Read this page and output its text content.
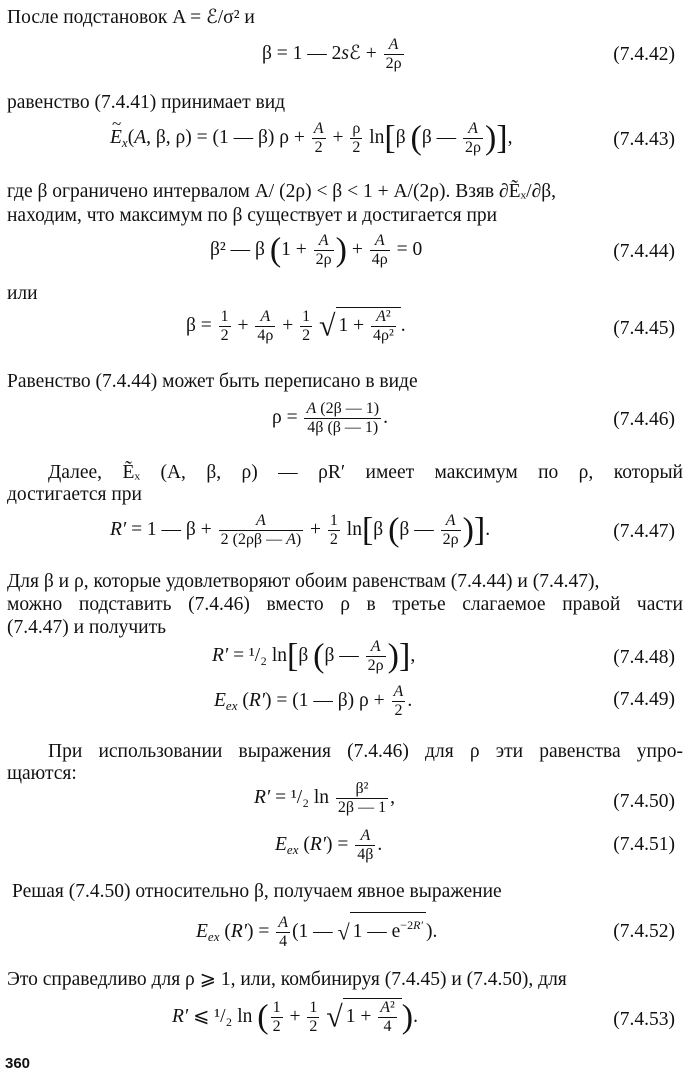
После подстановок A = ℰ/σ² и
β = 1 — 2sℰ + $\frac{A}{2\rho}$	(7.4.42)
равенство (7.4.41) принимает вид
~ $E_x(A$, β, ρ) = (1 — β) $\rho + \frac{A}{2} + \frac{\rho}{2} \ln[\beta$ (β — $\frac{A}{2\rho}$ )],	(7.4.43)
где β ограничено интервалом A/ (2ρ) < β < 1 + A/(2ρ). Взяв ∂Ẽₓ/∂β,
находим, что максимум по β существует и достигается при
β² — β ($1 + \frac{A}{2\rho}$ ) + $\frac{A}{4\rho} = 0$	(7.4.44)
или
$\beta = \frac{1}{2} + \frac{A}{4\rho} + \frac{1}{2}$ √ $1 + \frac{\text{A²}}{\text{4ρ²}}$ .	(7.4.45)
Равенство (7.4.44) может быть переписано в виде
$\rho = \frac{A (2\beta — 1)}{4\beta (\beta — 1)}$ .	(7.4.46)
Далее, Ẽₓ (A, β, ρ) — ρR′ имеет максимум по ρ, который
достигается при
R′ = 1 — $\beta + \frac{A}{2 (2\rho\beta — A)} + \frac{1}{2} \ln[\beta$ (β — $\frac{A}{2\rho}$ )].	(7.4.47)
Для β и ρ, которые удовлетворяют обоим равенствам (7.4.44) и (7.4.47),
можно подставить (7.4.46) вместо ρ в третье слагаемое правой части
(7.4.47) и получить
R′ = ¹/₂ ln[β (β — $\frac{A}{2\rho}$ )],	(7.4.48)
$E_{ex}$ (R′) = (1 — β) $\rho + \frac{A}{2}$ .	(7.4.49)
При использовании выражения (7.4.46) для ρ эти равенства упро-
щаются:
R′ = ¹/₂ $\ln \frac{\text{β²}}{2\beta — 1}$ ,	(7.4.50)
$E_{ex}$ $(R') = \frac{A}{4\beta}$ .	(7.4.51)
Решая (7.4.50) относительно β, получаем явное выражение
$E_{ex}$ $(R') = \frac{A}{4} (1$ — √ 1 — $e^{-2R'}$ ).	(7.4.52)
Это справедливо для ρ ⩾ 1, или, комбинируя (7.4.45) и (7.4.50), для
R′ ⩽ ¹/₂ ln ( $\frac{1}{2} + \frac{1}{2}$ √ $1 + \frac{\text{A²}}{4}$ ).	(7.4.53)
360
